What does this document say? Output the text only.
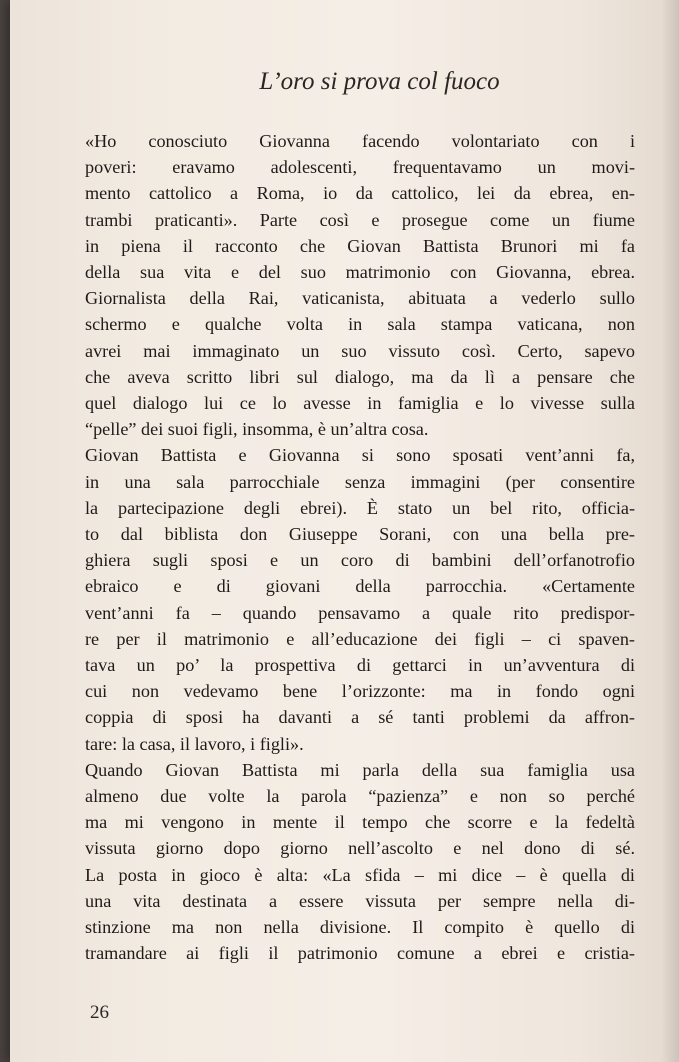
L’oro si prova col fuoco
«Ho conosciuto Giovanna facendo volontariato con i
poveri: eravamo adolescenti, frequentavamo un movi-
mento cattolico a Roma, io da cattolico, lei da ebrea, en-
trambi praticanti». Parte così e prosegue come un fiume
in piena il racconto che Giovan Battista Brunori mi fa
della sua vita e del suo matrimonio con Giovanna, ebrea.
Giornalista della Rai, vaticanista, abituata a vederlo sullo
schermo e qualche volta in sala stampa vaticana, non
avrei mai immaginato un suo vissuto così. Certo, sapevo
che aveva scritto libri sul dialogo, ma da lì a pensare che
quel dialogo lui ce lo avesse in famiglia e lo vivesse sulla
“pelle” dei suoi figli, insomma, è un’altra cosa.
Giovan Battista e Giovanna si sono sposati vent’anni fa,
in una sala parrocchiale senza immagini (per consentire
la partecipazione degli ebrei). È stato un bel rito, officia-
to dal biblista don Giuseppe Sorani, con una bella pre-
ghiera sugli sposi e un coro di bambini dell’orfanotrofio
ebraico e di giovani della parrocchia. «Certamente
vent’anni fa – quando pensavamo a quale rito predispor-
re per il matrimonio e all’educazione dei figli – ci spaven-
tava un po’ la prospettiva di gettarci in un’avventura di
cui non vedevamo bene l’orizzonte: ma in fondo ogni
coppia di sposi ha davanti a sé tanti problemi da affron-
tare: la casa, il lavoro, i figli».
Quando Giovan Battista mi parla della sua famiglia usa
almeno due volte la parola “pazienza” e non so perché
ma mi vengono in mente il tempo che scorre e la fedeltà
vissuta giorno dopo giorno nell’ascolto e nel dono di sé.
La posta in gioco è alta: «La sfida – mi dice – è quella di
una vita destinata a essere vissuta per sempre nella di-
stinzione ma non nella divisione. Il compito è quello di
tramandare ai figli il patrimonio comune a ebrei e cristia-
26
